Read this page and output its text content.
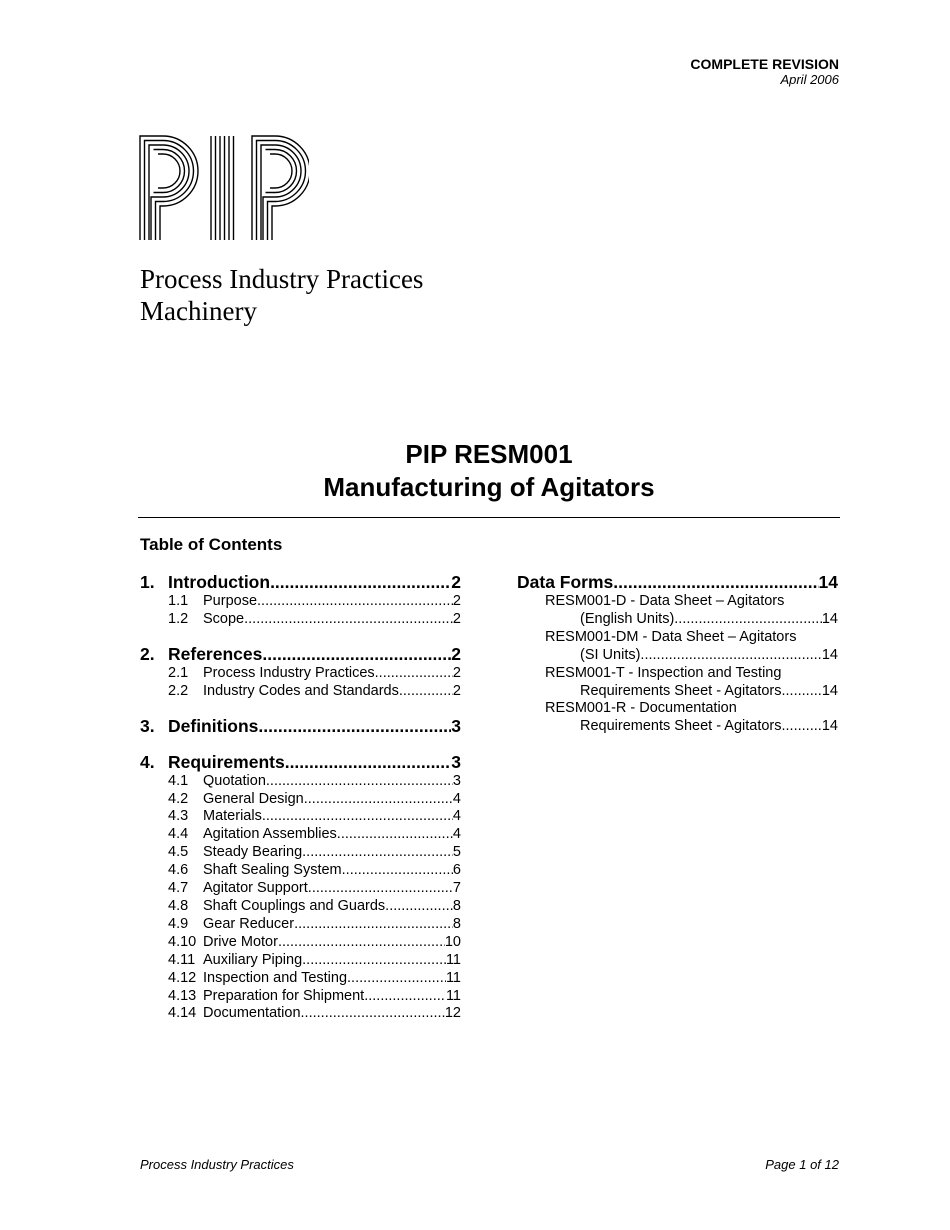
COMPLETE REVISION
April 2006
Process Industry Practices
Machinery
PIP RESM001
Manufacturing of Agitators
Table of Contents
1. Introduction .....	2
1.1	Purpose .....	2
1.2	Scope .....	2
2. References .....	2
2.1	Process Industry Practices .....	2
2.2	Industry Codes and Standards .....	2
3. Definitions .....	3
4. Requirements .....	3
4.1	Quotation .....	3
4.2	General Design .....	4
4.3	Materials .....	4
4.4	Agitation Assemblies .....	4
4.5	Steady Bearing .....	5
4.6	Shaft Sealing System .....	6
4.7	Agitator Support .....	7
4.8	Shaft Couplings and Guards .....	8
4.9	Gear Reducer .....	8
4.10 Drive Motor .....	10
4.11 Auxiliary Piping .....	11
4.12 Inspection and Testing .....	11
4.13 Preparation for Shipment .....	11
4.14 Documentation .....	12
Data Forms .....	14
RESM001-D - Data Sheet – Agitators
(English Units) .....	14
RESM001-DM - Data Sheet – Agitators
(SI Units) .....	14
RESM001-T - Inspection and Testing
Requirements Sheet - Agitators .....	14
RESM001-R - Documentation
Requirements Sheet - Agitators .....	14
Process Industry Practices	Page 1 of 12
